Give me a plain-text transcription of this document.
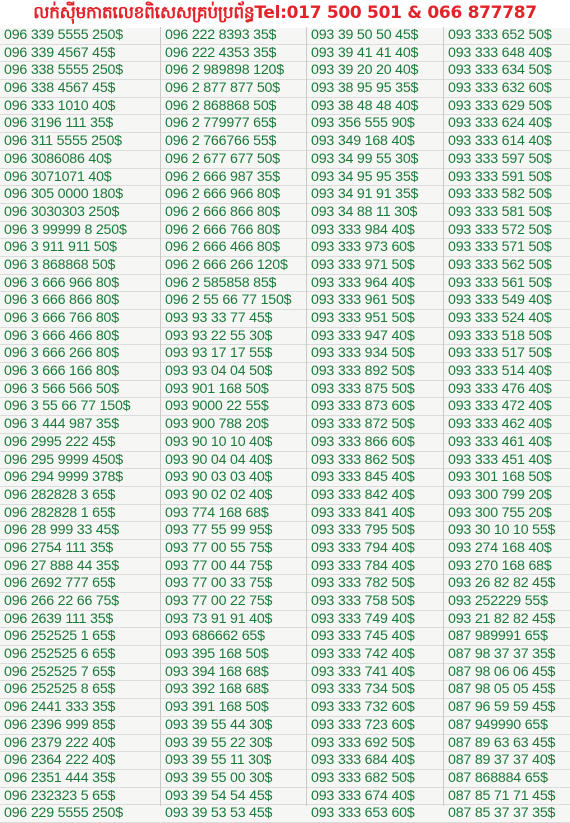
លក់ស៊ីមកាតលេខពិសេសគ្រប់ប្រព័ន្ធTel:017 500 501 & 066 877787
096 339 5555 250$
096 339 4567 45$
096 338 5555 250$
096 338 4567 45$
096 333 1010 40$
096 3196 111 35$
096 311 5555 250$
096 3086086 40$
096 3071071 40$
096 305 0000 180$
096 3030303 250$
096 3 99999 8 250$
096 3 911 911 50$
096 3 868868 50$
096 3 666 966 80$
096 3 666 866 80$
096 3 666 766 80$
096 3 666 466 80$
096 3 666 266 80$
096 3 666 166 80$
096 3 566 566 50$
096 3 55 66 77 150$
096 3 444 987 35$
096 2995 222 45$
096 295 9999 450$
096 294 9999 378$
096 282828 3 65$
096 282828 1 65$
096 28 999 33 45$
096 2754 111 35$
096 27 888 44 35$
096 2692 777 65$
096 266 22 66 75$
096 2639 111 35$
096 252525 1 65$
096 252525 6 65$
096 252525 7 65$
096 252525 8 65$
096 2441 333 35$
096 2396 999 85$
096 2379 222 40$
096 2364 222 40$
096 2351 444 35$
096 232323 5 65$
096 229 5555 250$
096 222 8393 35$
096 222 4353 35$
096 2 989898 120$
096 2 877 877 50$
096 2 868868 50$
096 2 779977 65$
096 2 766766 55$
096 2 677 677 50$
096 2 666 987 35$
096 2 666 966 80$
096 2 666 866 80$
096 2 666 766 80$
096 2 666 466 80$
096 2 666 266 120$
096 2 585858 85$
096 2 55 66 77 150$
093 93 33 77 45$
093 93 22 55 30$
093 93 17 17 55$
093 93 04 04 50$
093 901 168 50$
093 9000 22 55$
093 900 788 20$
093 90 10 10 40$
093 90 04 04 40$
093 90 03 03 40$
093 90 02 02 40$
093 774 168 68$
093 77 55 99 95$
093 77 00 55 75$
093 77 00 44 75$
093 77 00 33 75$
093 77 00 22 75$
093 73 91 91 40$
093 686662 65$
093 395 168 50$
093 394 168 68$
093 392 168 68$
093 391 168 50$
093 39 55 44 30$
093 39 55 22 30$
093 39 55 11 30$
093 39 55 00 30$
093 39 54 54 45$
093 39 53 53 45$
093 39 50 50 45$
093 39 41 41 40$
093 39 20 20 40$
093 38 95 95 35$
093 38 48 48 40$
093 356 555 90$
093 349 168 40$
093 34 99 55 30$
093 34 95 95 35$
093 34 91 91 35$
093 34 88 11 30$
093 333 984 40$
093 333 973 60$
093 333 971 50$
093 333 964 40$
093 333 961 50$
093 333 951 50$
093 333 947 40$
093 333 934 50$
093 333 892 50$
093 333 875 50$
093 333 873 60$
093 333 872 50$
093 333 866 60$
093 333 862 50$
093 333 845 40$
093 333 842 40$
093 333 841 40$
093 333 795 50$
093 333 794 40$
093 333 784 40$
093 333 782 50$
093 333 758 50$
093 333 749 40$
093 333 745 40$
093 333 742 40$
093 333 741 40$
093 333 734 50$
093 333 732 60$
093 333 723 60$
093 333 692 50$
093 333 684 40$
093 333 682 50$
093 333 674 40$
093 333 653 60$
093 333 652 50$
093 333 648 40$
093 333 634 50$
093 333 632 60$
093 333 629 50$
093 333 624 40$
093 333 614 40$
093 333 597 50$
093 333 591 50$
093 333 582 50$
093 333 581 50$
093 333 572 50$
093 333 571 50$
093 333 562 50$
093 333 561 50$
093 333 549 40$
093 333 524 40$
093 333 518 50$
093 333 517 50$
093 333 514 40$
093 333 476 40$
093 333 472 40$
093 333 462 40$
093 333 461 40$
093 333 451 40$
093 301 168 50$
093 300 799 20$
093 300 755 20$
093 30 10 10 55$
093 274 168 40$
093 270 168 68$
093 26 82 82 45$
093 252229 55$
093 21 82 82 45$
087 989991 65$
087 98 37 37 35$
087 98 06 06 45$
087 98 05 05 45$
087 96 59 59 45$
087 949990 65$
087 89 63 63 45$
087 89 37 37 40$
087 868884 65$
087 85 71 71 45$
087 85 37 37 35$
